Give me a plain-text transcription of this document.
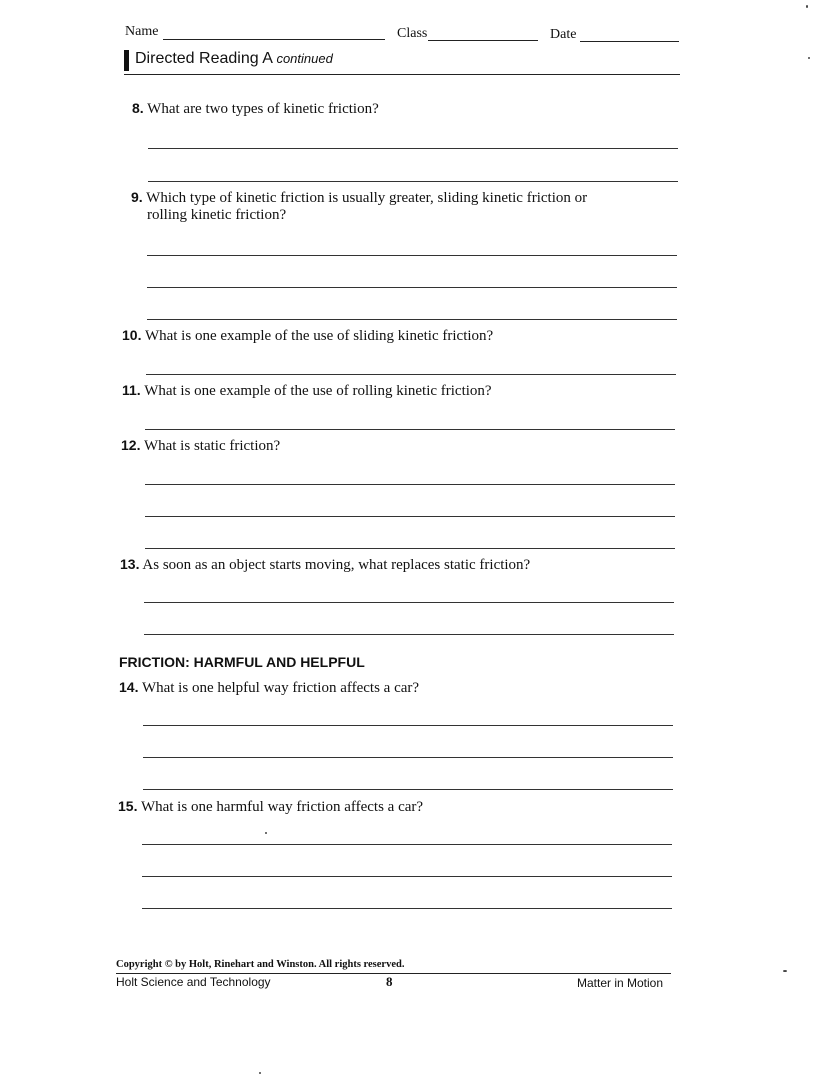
Name	Class	Date
Directed Reading A continued
8. What are two types of kinetic friction?
9. Which type of kinetic friction is usually greater, sliding kinetic friction or
rolling kinetic friction?
10. What is one example of the use of sliding kinetic friction?
11. What is one example of the use of rolling kinetic friction?
12. What is static friction?
13. As soon as an object starts moving, what replaces static friction?
FRICTION: HARMFUL AND HELPFUL
14. What is one helpful way friction affects a car?
15. What is one harmful way friction affects a car?
Copyright © by Holt, Rinehart and Winston. All rights reserved.
Holt Science and Technology	8	Matter in Motion
